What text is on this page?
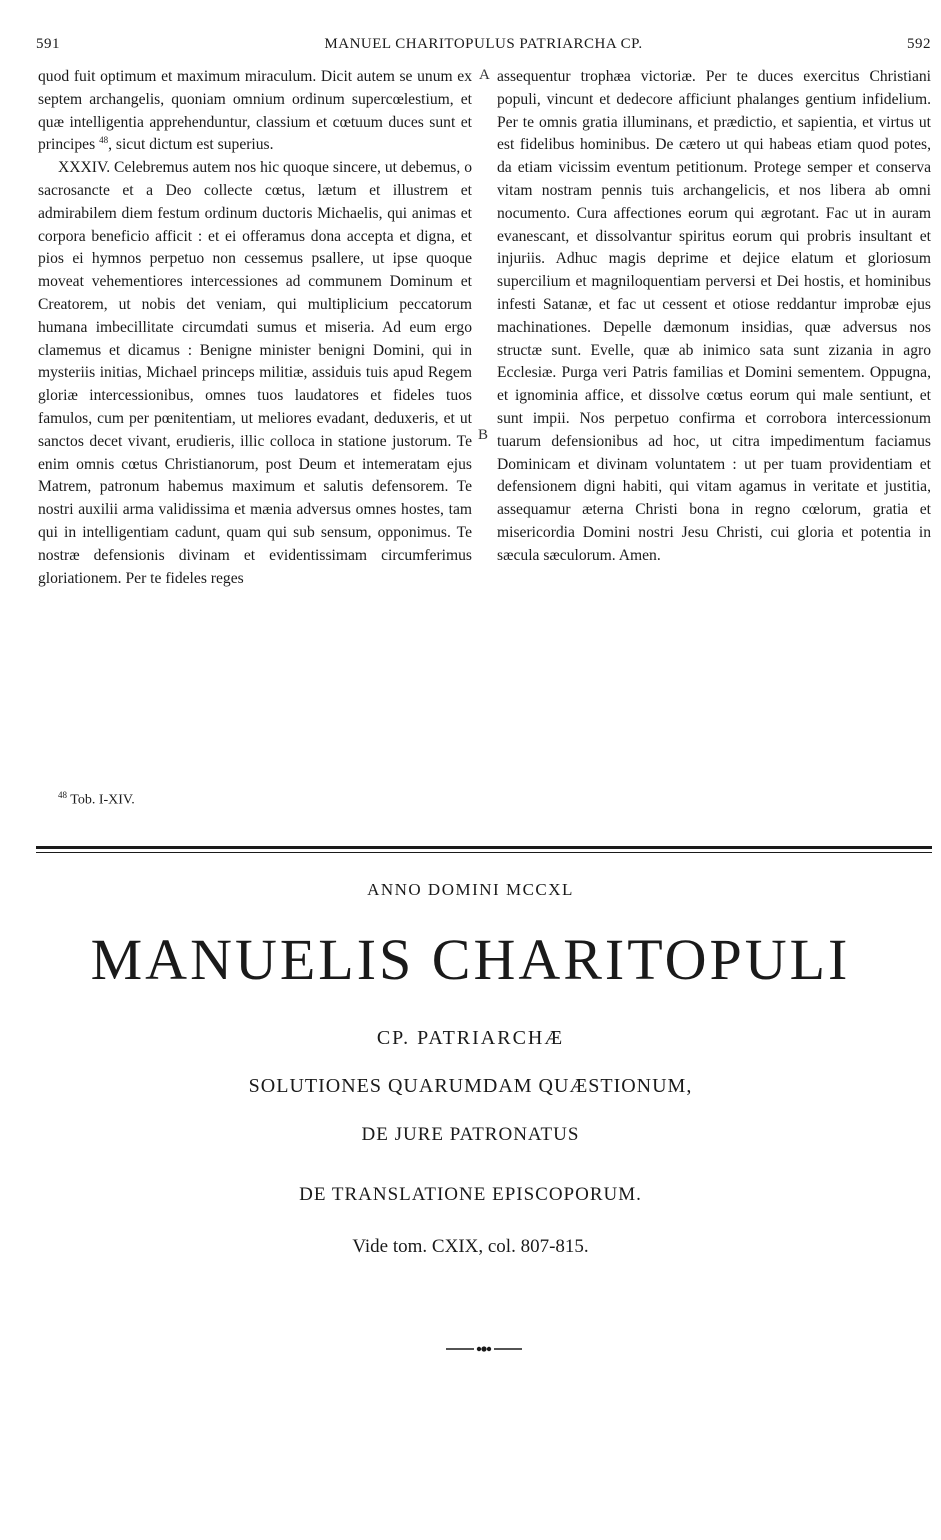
591	MANUEL CHARITOPULUS PATRIARCHA CP.	592

quod fuit optimum et maximum miraculum. Dicit autem se unum ex septem archangelis, quoniam omnium ordinum supercœlestium, et quæ intelligentia apprehenduntur, classium et cœtuum duces sunt et principes $^{48}$, sicut dictum est superius.

XXXIV. Celebremus autem nos hic quoque sincere, ut debemus, o sacrosancte et a Deo collecte cœtus, lætum et illustrem et admirabilem diem festum ordinum ductoris Michaelis, qui animas et corpora beneficio afficit : et ei offeramus dona accepta et digna, et pios ei hymnos perpetuo non cessemus psallere, ut ipse quoque moveat vehementiores intercessiones ad communem Dominum et Creatorem, ut nobis det veniam, qui multiplicium peccatorum humana imbecillitate circumdati sumus et miseria. Ad eum ergo clamemus et dicamus : Benigne minister benigni Domini, qui in mysteriis initias, Michael princeps militiæ, assiduis tuis apud Regem gloriæ intercessionibus, omnes tuos laudatores et fideles tuos famulos, cum per pœnitentiam, ut meliores evadant, deduxeris, et ut sanctos decet vivant, erudieris, illic colloca in statione justorum. Te enim omnis cœtus Christianorum, post Deum et intemeratam ejus Matrem, patronum habemus maximum et salutis defensorem. Te nostri auxilii arma validissima et mænia adversus omnes hostes, tam qui in intelligentiam cadunt, quam qui sub sensum, opponimus. Te nostræ defensionis divinam et evidentissimam circumferimus gloriationem. Per te fideles reges

A
B

assequentur trophæa victoriæ. Per te duces exercitus Christiani populi, vincunt et dedecore afficiunt phalanges gentium infidelium. Per te omnis gratia illuminans, et prædictio, et sapientia, et virtus ut est fidelibus hominibus. De cætero ut qui habeas etiam quod potes, da etiam vicissim eventum petitionum. Protege semper et conserva vitam nostram pennis tuis archangelicis, et nos libera ab omni nocumento. Cura affectiones eorum qui ægrotant. Fac ut in auram evanescant, et dissolvantur spiritus eorum qui probris insultant et injuriis. Adhuc magis deprime et dejice elatum et gloriosum supercilium et magniloquentiam perversi et Dei hostis, et hominibus infesti Satanæ, et fac ut cessent et otiose reddantur improbæ ejus machinationes. Depelle dæmonum insidias, quæ adversus nos structæ sunt. Evelle, quæ ab inimico sata sunt zizania in agro Ecclesiæ. Purga veri Patris familias et Domini sementem. Oppugna, et ignominia affice, et dissolve cœtus eorum qui male sentiunt, et sunt impii. Nos perpetuo confirma et corrobora intercessionum tuarum defensionibus ad hoc, ut citra impedimentum faciamus Dominicam et divinam voluntatem : ut per tuam providentiam et defensionem digni habiti, qui vitam agamus in veritate et justitia, assequamur æterna Christi bona in regno cœlorum, gratia et misericordia Domini nostri Jesu Christi, cui gloria et potentia in sæcula sæculorum. Amen.

$^{48}$ Tob. I-XIV.
ANNO DOMINI MCCXL
MANUELIS CHARITOPULI
CP. PATRIARCHÆ
SOLUTIONES QUARUMDAM QUÆSTIONUM,
DE JURE PATRONATUS
DE TRANSLATIONE EPISCOPORUM.
Vide tom. CXIX, col. 807-815.
